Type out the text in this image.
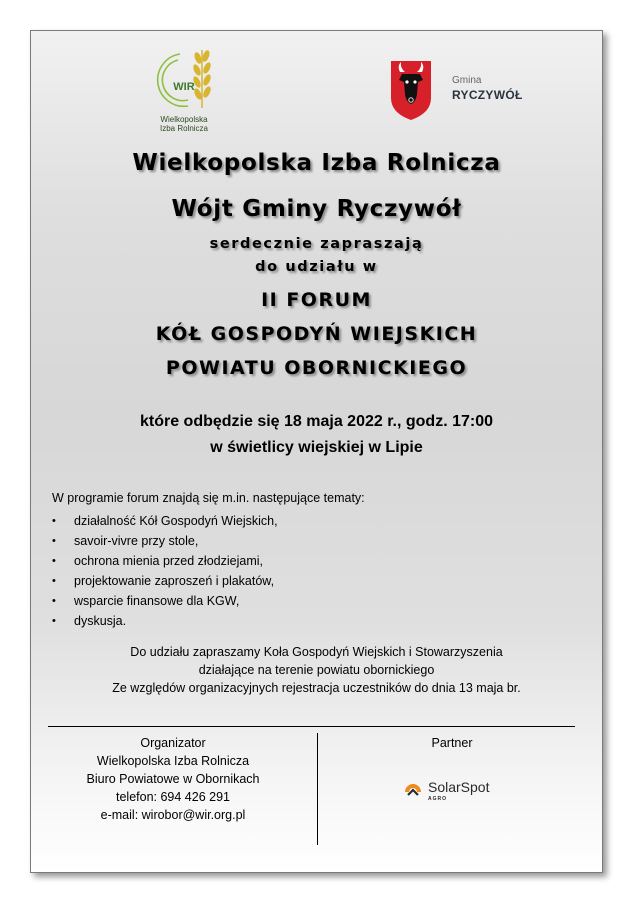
WIR
Wielkopolska
Izba Rolnicza
Gmina
RYCZYWÓŁ
Wielkopolska Izba Rolnicza
Wójt Gminy Ryczywół
serdecznie zapraszają
do udziału w
II FORUM
KÓŁ GOSPODYŃ WIEJSKICH
POWIATU OBORNICKIEGO
które odbędzie się 18 maja 2022 r., godz. 17:00
w świetlicy wiejskiej w Lipie
W programie forum znajdą się m.in. następujące tematy:
• działalność Kół Gospodyń Wiejskich,
• savoir-vivre przy stole,
• ochrona mienia przed złodziejami,
• projektowanie zaproszeń i plakatów,
• wsparcie finansowe dla KGW,
• dyskusja.
Do udziału zapraszamy Koła Gospodyń Wiejskich i Stowarzyszenia
działające na terenie powiatu obornickiego
Ze względów organizacyjnych rejestracja uczestników do dnia 13 maja br.
Organizator
Wielkopolska Izba Rolnicza
Biuro Powiatowe w Obornikach
telefon: 694 426 291
e-mail: wirobor@wir.org.pl
Partner
SolarSpot
AGRO
